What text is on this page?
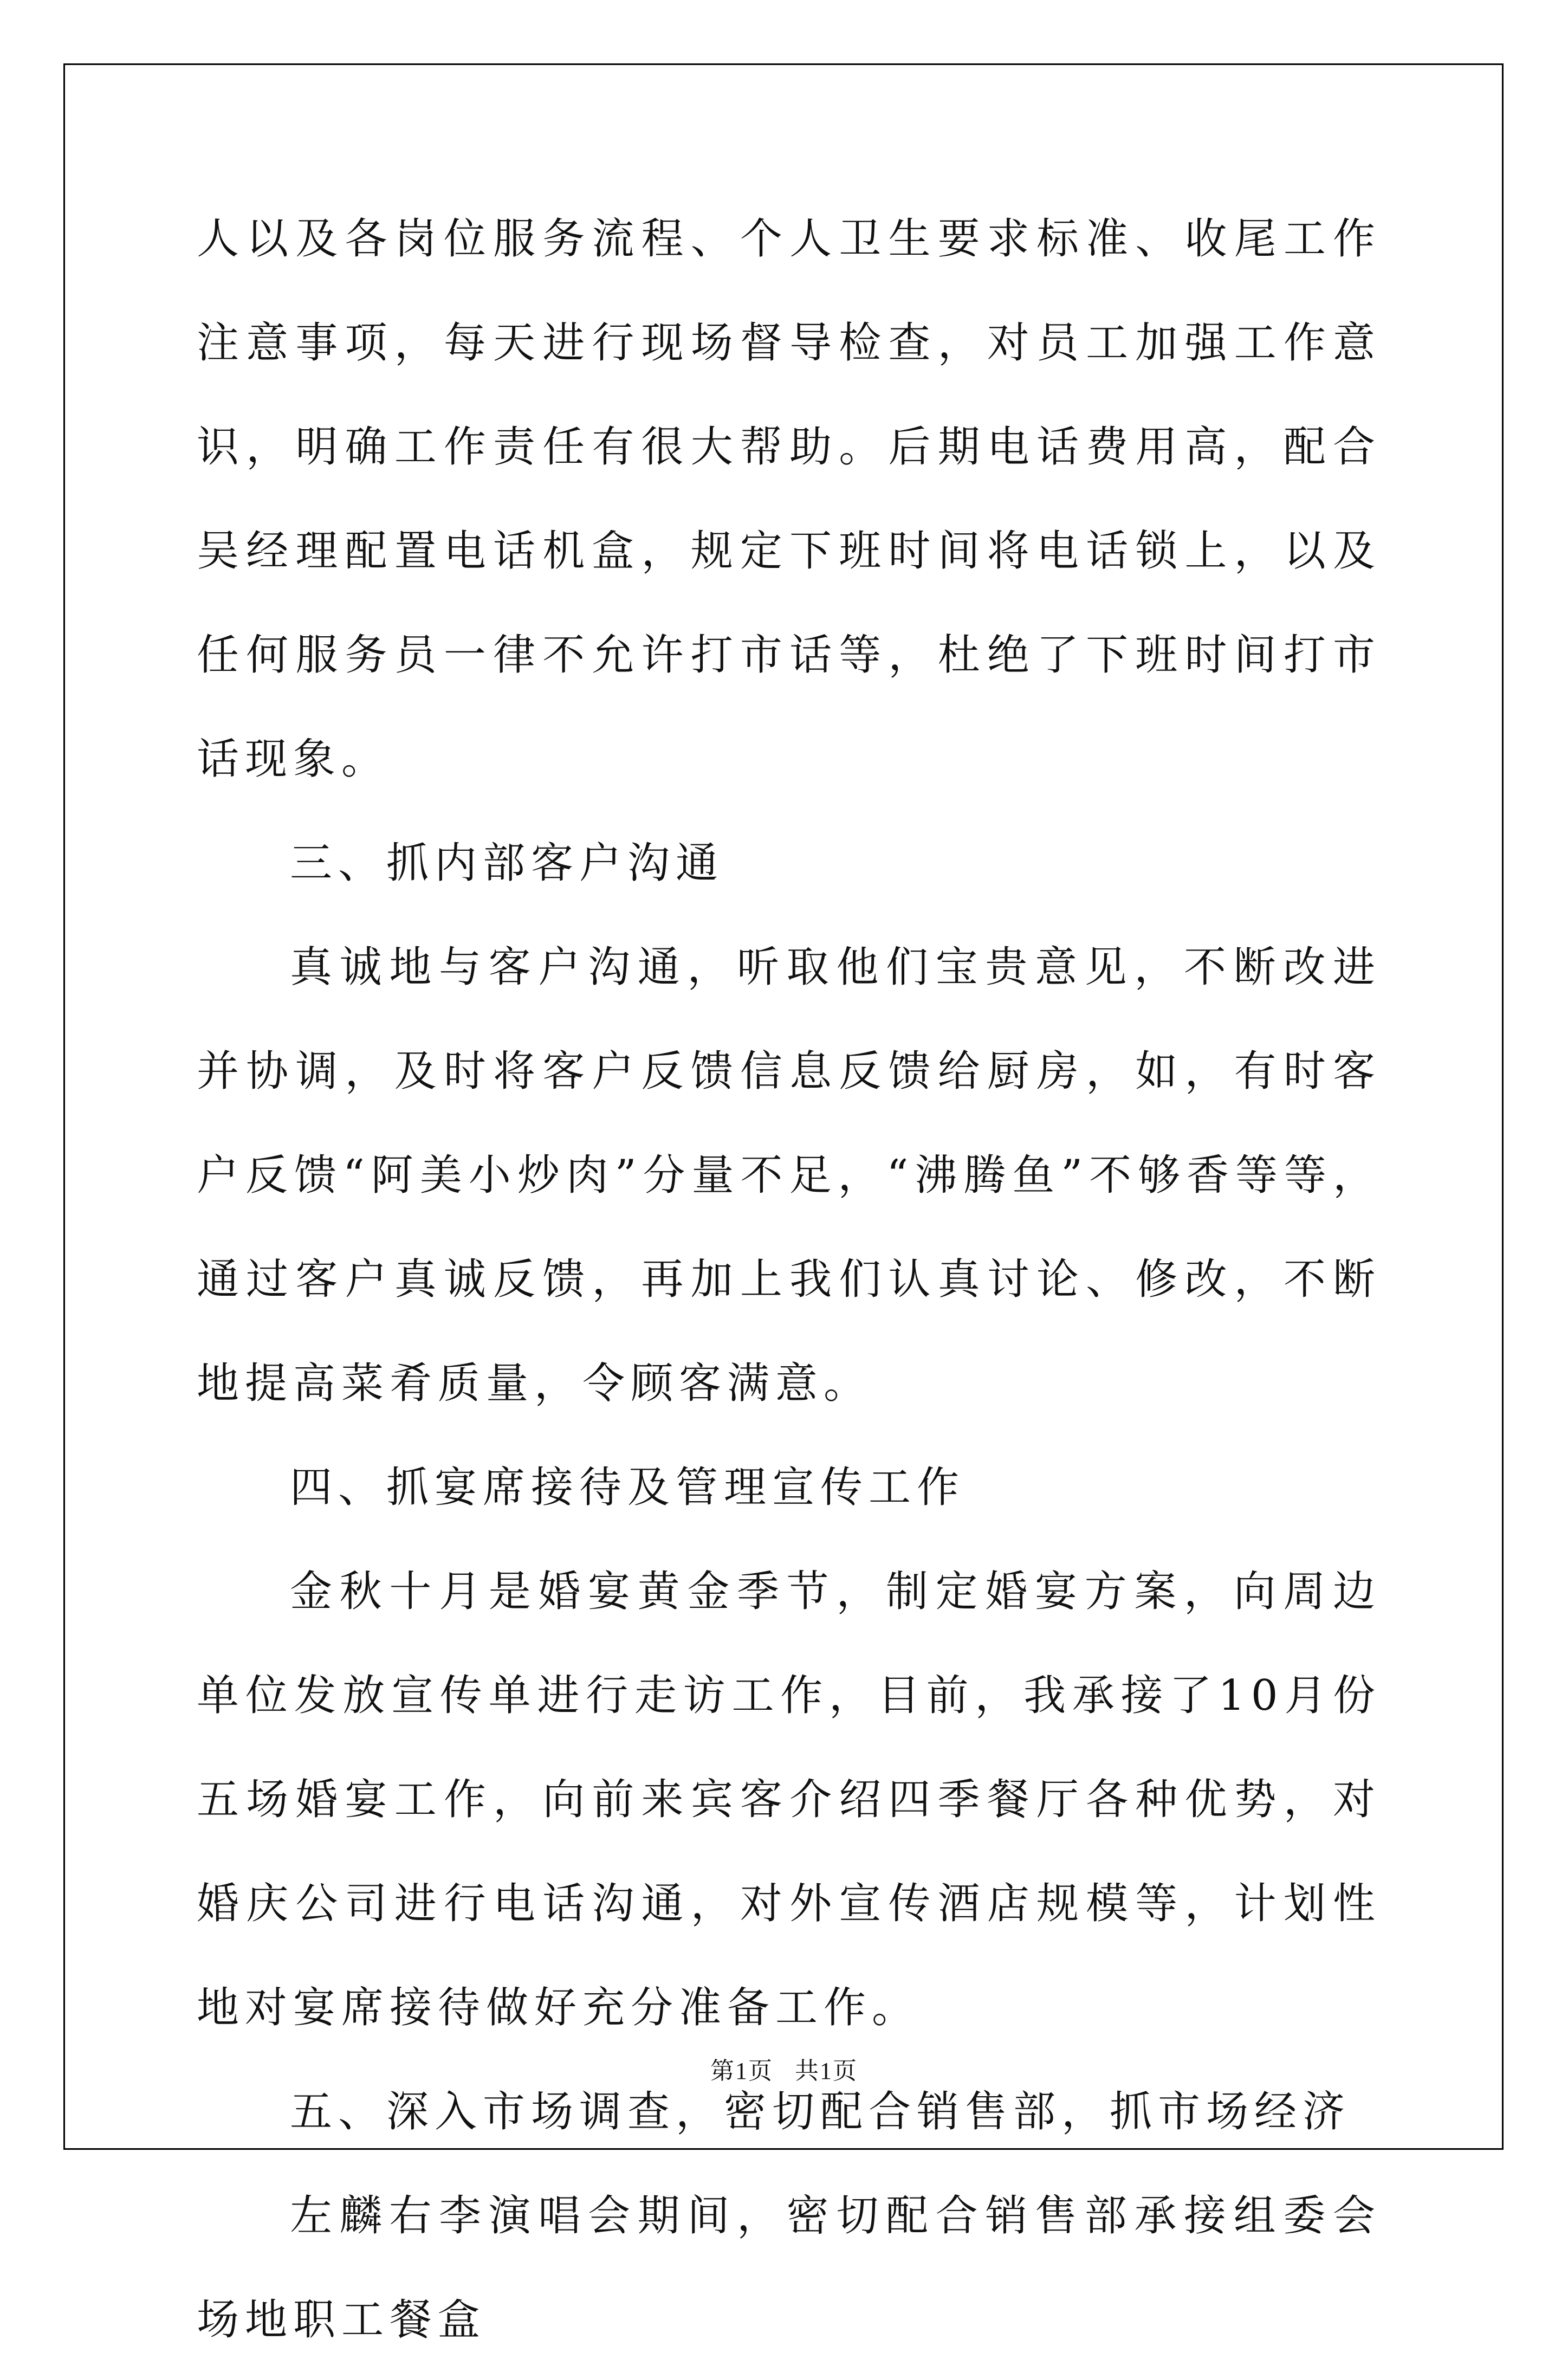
人以及各岗位服务流程、个人卫生要求标准、收尾工作注意事项，每天进行现场督导检查，对员工加强工作意识，明确工作责任有很大帮助。后期电话费用高，配合吴经理配置电话机盒，规定下班时间将电话锁上，以及任何服务员一律不允许打市话等，杜绝了下班时间打市话现象。

三、抓内部客户沟通

真诚地与客户沟通，听取他们宝贵意见，不断改进并协调，及时将客户反馈信息反馈给厨房，如，有时客户反馈“阿美小炒肉”分量不足，“沸腾鱼”不够香等等，通过客户真诚反馈，再加上我们认真讨论、修改，不断地提高菜肴质量，令顾客满意。

四、抓宴席接待及管理宣传工作

金秋十月是婚宴黄金季节，制定婚宴方案，向周边单位发放宣传单进行走访工作，目前，我承接了10月份五场婚宴工作，向前来宾客介绍四季餐厅各种优势，对婚庆公司进行电话沟通，对外宣传酒店规模等，计划性地对宴席接待做好充分准备工作。

五、深入市场调查，密切配合销售部，抓市场经济

左麟右李演唱会期间，密切配合销售部承接组委会场地职工餐盒

第1页 共1页
